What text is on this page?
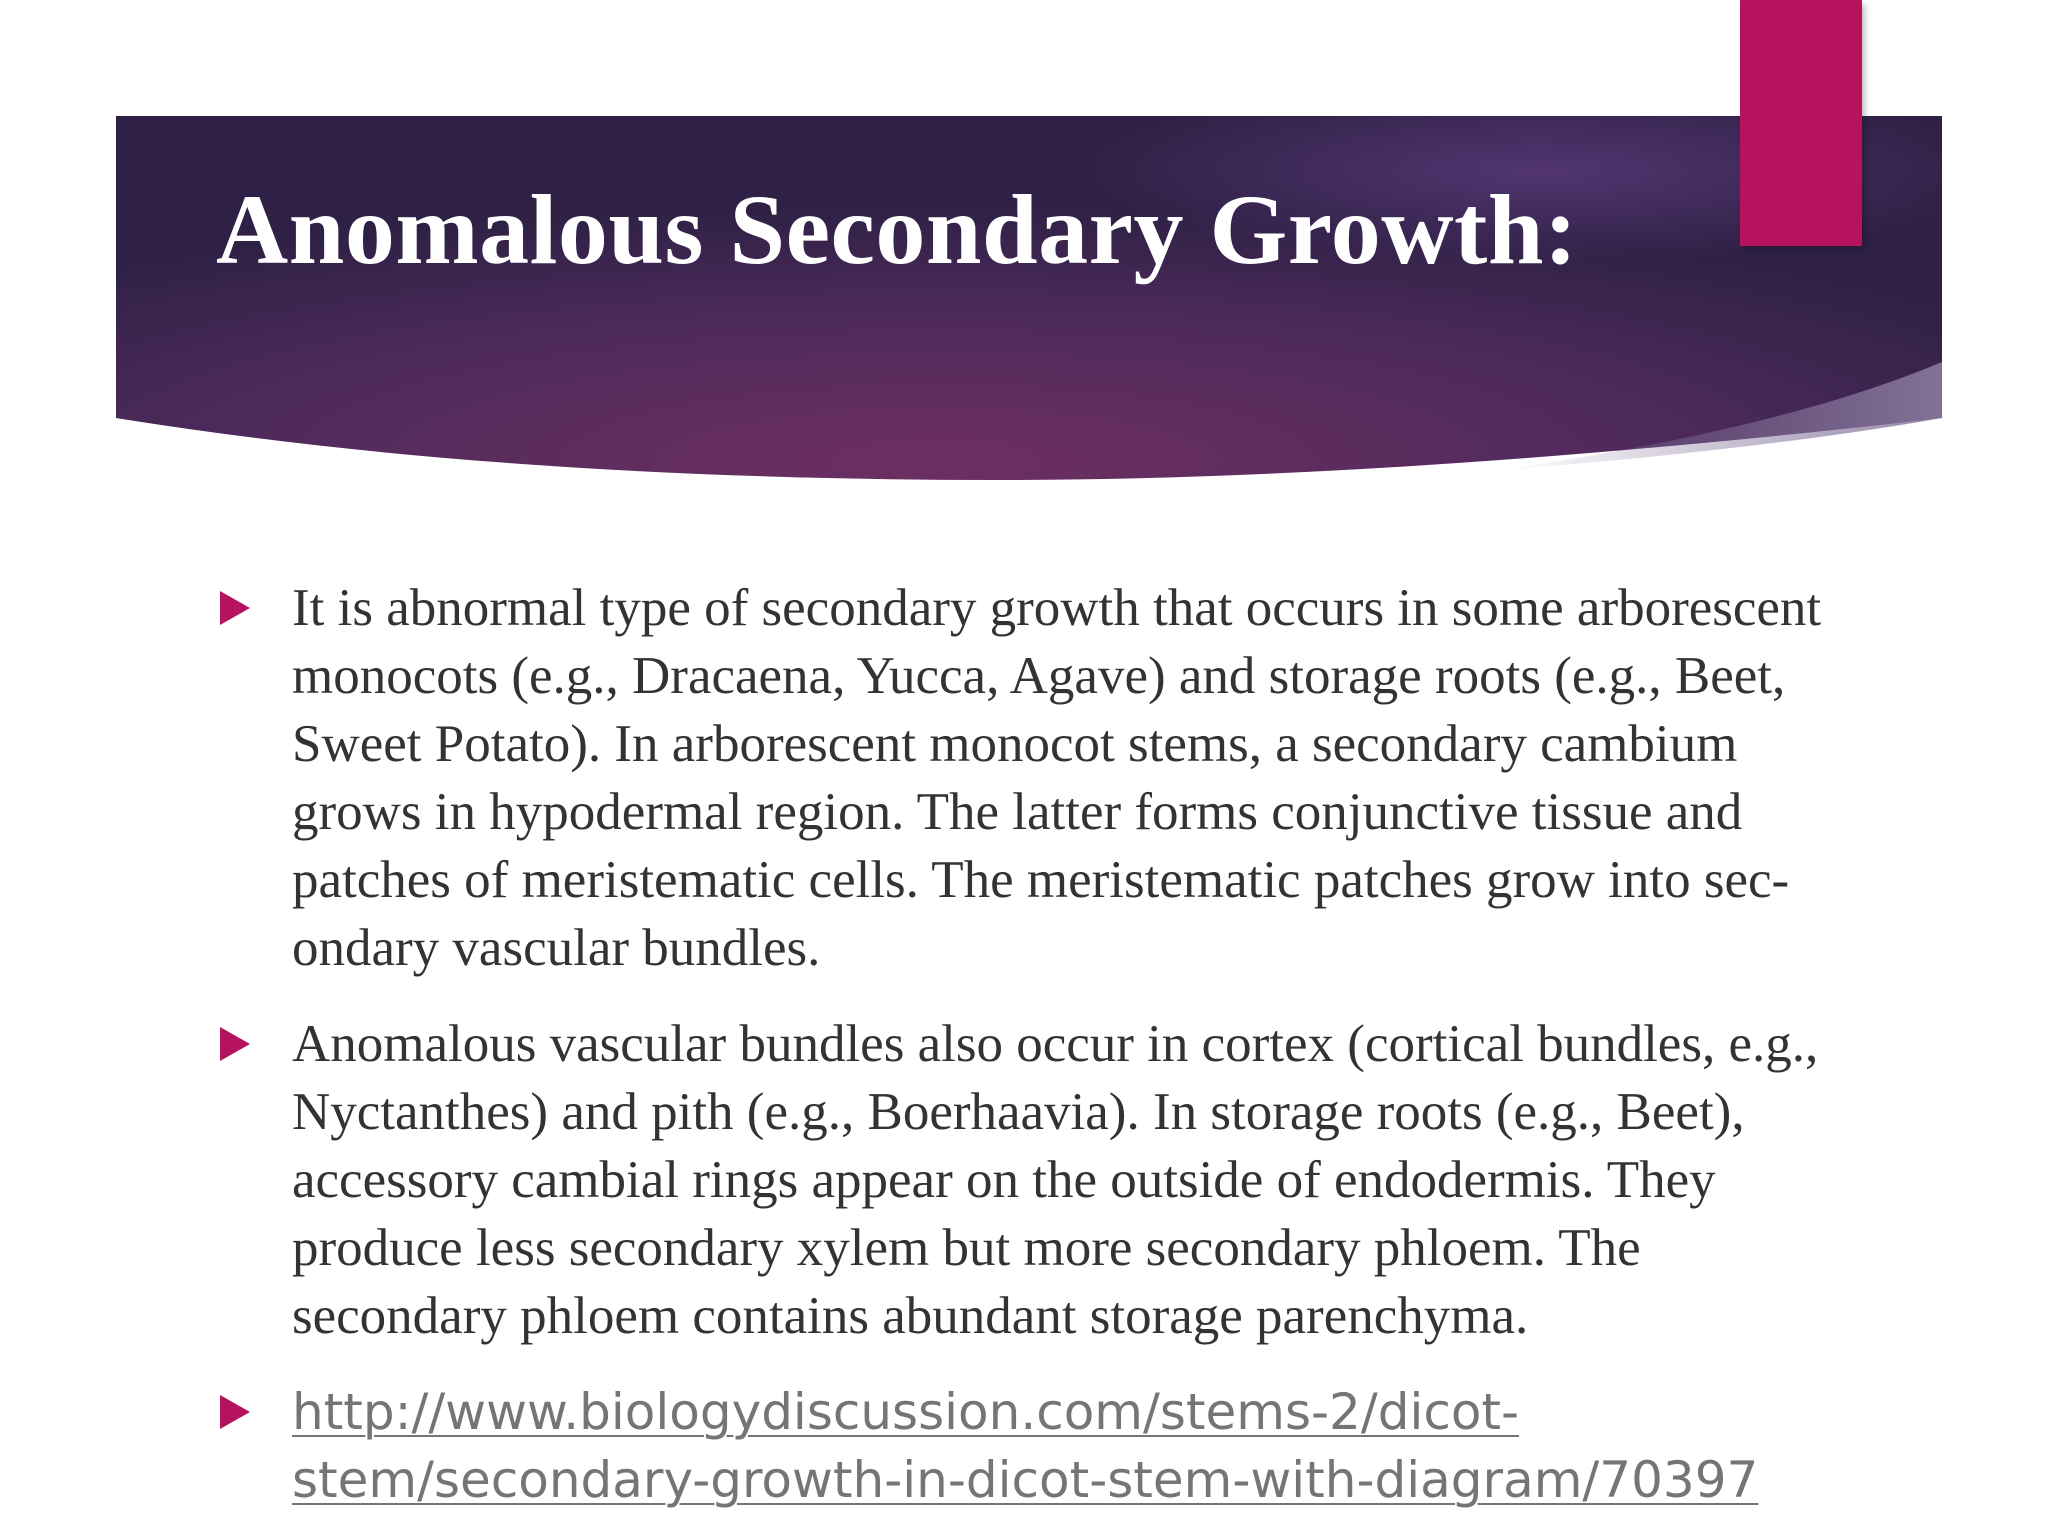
Anomalous Secondary Growth:

It is abnormal type of secondary growth that occurs in some arborescent
monocots (e.g., Dracaena, Yucca, Agave) and storage roots (e.g., Beet,
Sweet Potato). In arborescent monocot stems, a secondary cambium
grows in hypodermal region. The latter forms conjunctive tissue and
patches of meristematic cells. The meristematic patches grow into sec-
ondary vascular bundles.

Anomalous vascular bundles also occur in cortex (cortical bundles, e.g.,
Nyctanthes) and pith (e.g., Boerhaavia). In storage roots (e.g., Beet),
accessory cambial rings appear on the outside of endodermis. They
produce less secondary xylem but more secondary phloem. The
secondary phloem contains abundant storage parenchyma.

http://www.biologydiscussion.com/stems-2/dicot-
stem/secondary-growth-in-dicot-stem-with-diagram/70397
